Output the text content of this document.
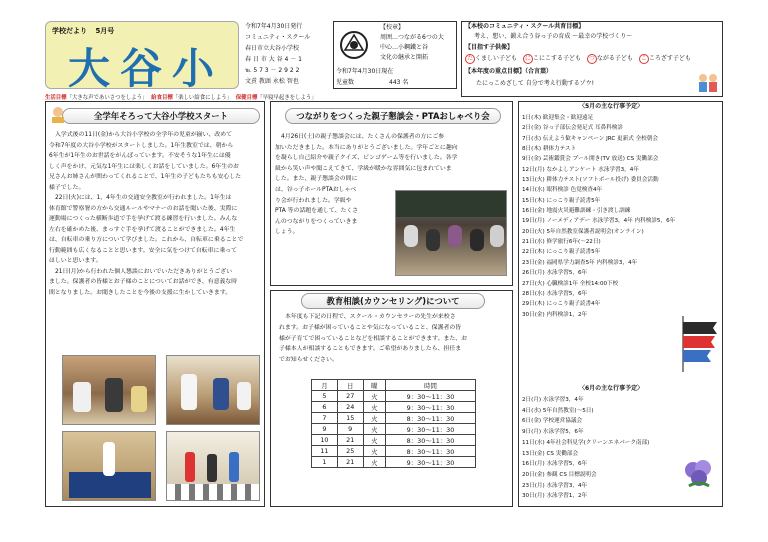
学校だより 5月号
大谷小
令和7年4月30日発行
コミュニティ・スクール
春日市立大谷小学校
春 日 市 大 谷 4 － 1
℡ 5 7 3 － 2 9 2 2
文責 教頭 永松 智也
【校章】
周囲…つながる6つの大
中心…小鋼鐵と谷
文化の継承と開拓
令和7年4月30日現在
児童数	443 名
【本校のコミュニティ・スクール共育目標】
考え、想い、鍛え合う谷っ子の育成 ～最幸の学校づくり～
【目指す子供像】
た くましい子ども に こにこする子ども つ ながる子ども こ ころざす子ども
【本年度の重点目標】（合言葉）
たにっこめざして 自分で考え行動するゾウ!
生活目標「大きな声であいさつをしよう」 給食目標「楽しい給食にしよう」 保健目標「早寝早起きをしよう」
全学年そろって大谷小学校スタート
入学式後の11日(金)から大谷小学校の全学年の児童が揃い、改めて
令和7年度の大谷小学校がスタートしました。1年生教室では、朝から
6年生が1年生のお世話をがんばっています。不安そうな1年生には優
しく声をかけ、元気な1年生には楽しくお話をしていました。6年生のお
兄さんお姉さんが関わってくれることで、1年生の子どもたちも安心した
様子でした。
22日(火)には、1，4年生の交通安全教室が行われました。1年生は
体育館で警察署の方から交通ルールやマナーのお話を聞いた後、実際に
運動場につくった横断歩道で手を挙げて渡る練習を行いました。みんな
左右を確かめた後、まっすぐ手を挙げて渡ることができました。4年生
は、自転車の乗り方について学びました。これから、自転車に乗ることで
行動範囲も広くなることと思います。安全に気をつけて自転車に乗って
ほしいと思います。
21日(月)から行われた個人懇談においでいただきありがとうござい
ました。保護者の皆様とお子様のことについてお話ができ、有意義な時
間となりました。お聞きしたことを今後の支援に生かしていきます。
つながりをつくった親子懇談会・PTAおしゃべり会
4月26日(土)の親子懇談会には、たくさんの保護者の方にご参
加いただきました。本当にありがとうございました。学年ごとに趣向
を凝らし自己紹介や親子クイズ、ビンゴゲーム等を行いました。各学
級から笑い声や聞こえてきて、学級が暖かな雰囲気に包まれていま
した。また、親子懇談会の間に
は、谷っ子ホールPTAおしゃべ
り会が行われました。学級や
PTA 等の話題を通して、たくさ
んのつながりをつくっていきま
しょう。
教育相談(カウンセリング)について
本年度も下記の日程で、スクール・カウンセラーの先生が来校さ
れます。お子様が困っていることや気になっていること、保護者の皆
様が子育てで困っていることなどを相談することができます。また、お
子様本人が相談することもできます。ご希望がありましたら、担任ま
でお知らせください。
月	日	曜	時間
5	27	火	9：30～11：30
6	24	火	9：30～11：30
7	15	火	8：30～11：30
9	9	火	9：30～11：30
10	21	火	8：30～11：30
11	25	火	8：30～11：30
1	21	火	9：30～11：30
〈5月の主な行事予定〉
1日(木) 歓迎集会・歓迎遠足
2日(金) 谷っ子部伝会発足式 耳鼻科検診
7日(水) 伝えよう歓キャンペーン JRC 更新式 全校朝会
8日(木) 耕体力テスト
9日(金) 芸術鑑賞会 プール開き(TV 放送) CS 実働部会
12日(月) なかよしアンケート 水泳学習3，4年
13日(火) 耕体力テスト(ソフトボール投げ) 委員会活動
14日(水) 眼科検診 色覚検査4年
15日(木) にっこり親子読書5年
16日(金) 地震火災避難訓練・引き渡し訓練
19日(月) ノーメディアデー 水泳学習3，4年 内科検診5，6年
20日(火) 5年自然教室保護者説明会(オンライン)
21日(水) 修学旅行6年(～22日)
22日(木) にっこり親子読書5年
23日(金) 福岡県学力調査5年 内科検診3，4年
26日(月) 水泳学習5，6年
27日(火) 心臓検診1年 全校14:00下校
28日(水) 水泳学習5，6年
29日(木) にっこり親子読書4年
30日(金) 内科検診1，2年
〈6月の主な行事予定〉
2日(月) 水泳学習3，4年
4日(水) 5年自然教室(～5日)
6日(金) 学校運営協議会
9日(月) 水泳学習5，6年
11日(水) 4年社会科見学(クリーンエネパーク南部)
13日(金) CS 実働部会
16日(月) 水泳学習5，6年
20日(金) 参観 CS 目標説明会
23日(月) 水泳学習3，4年
30日(月) 水泳学習1，2年
